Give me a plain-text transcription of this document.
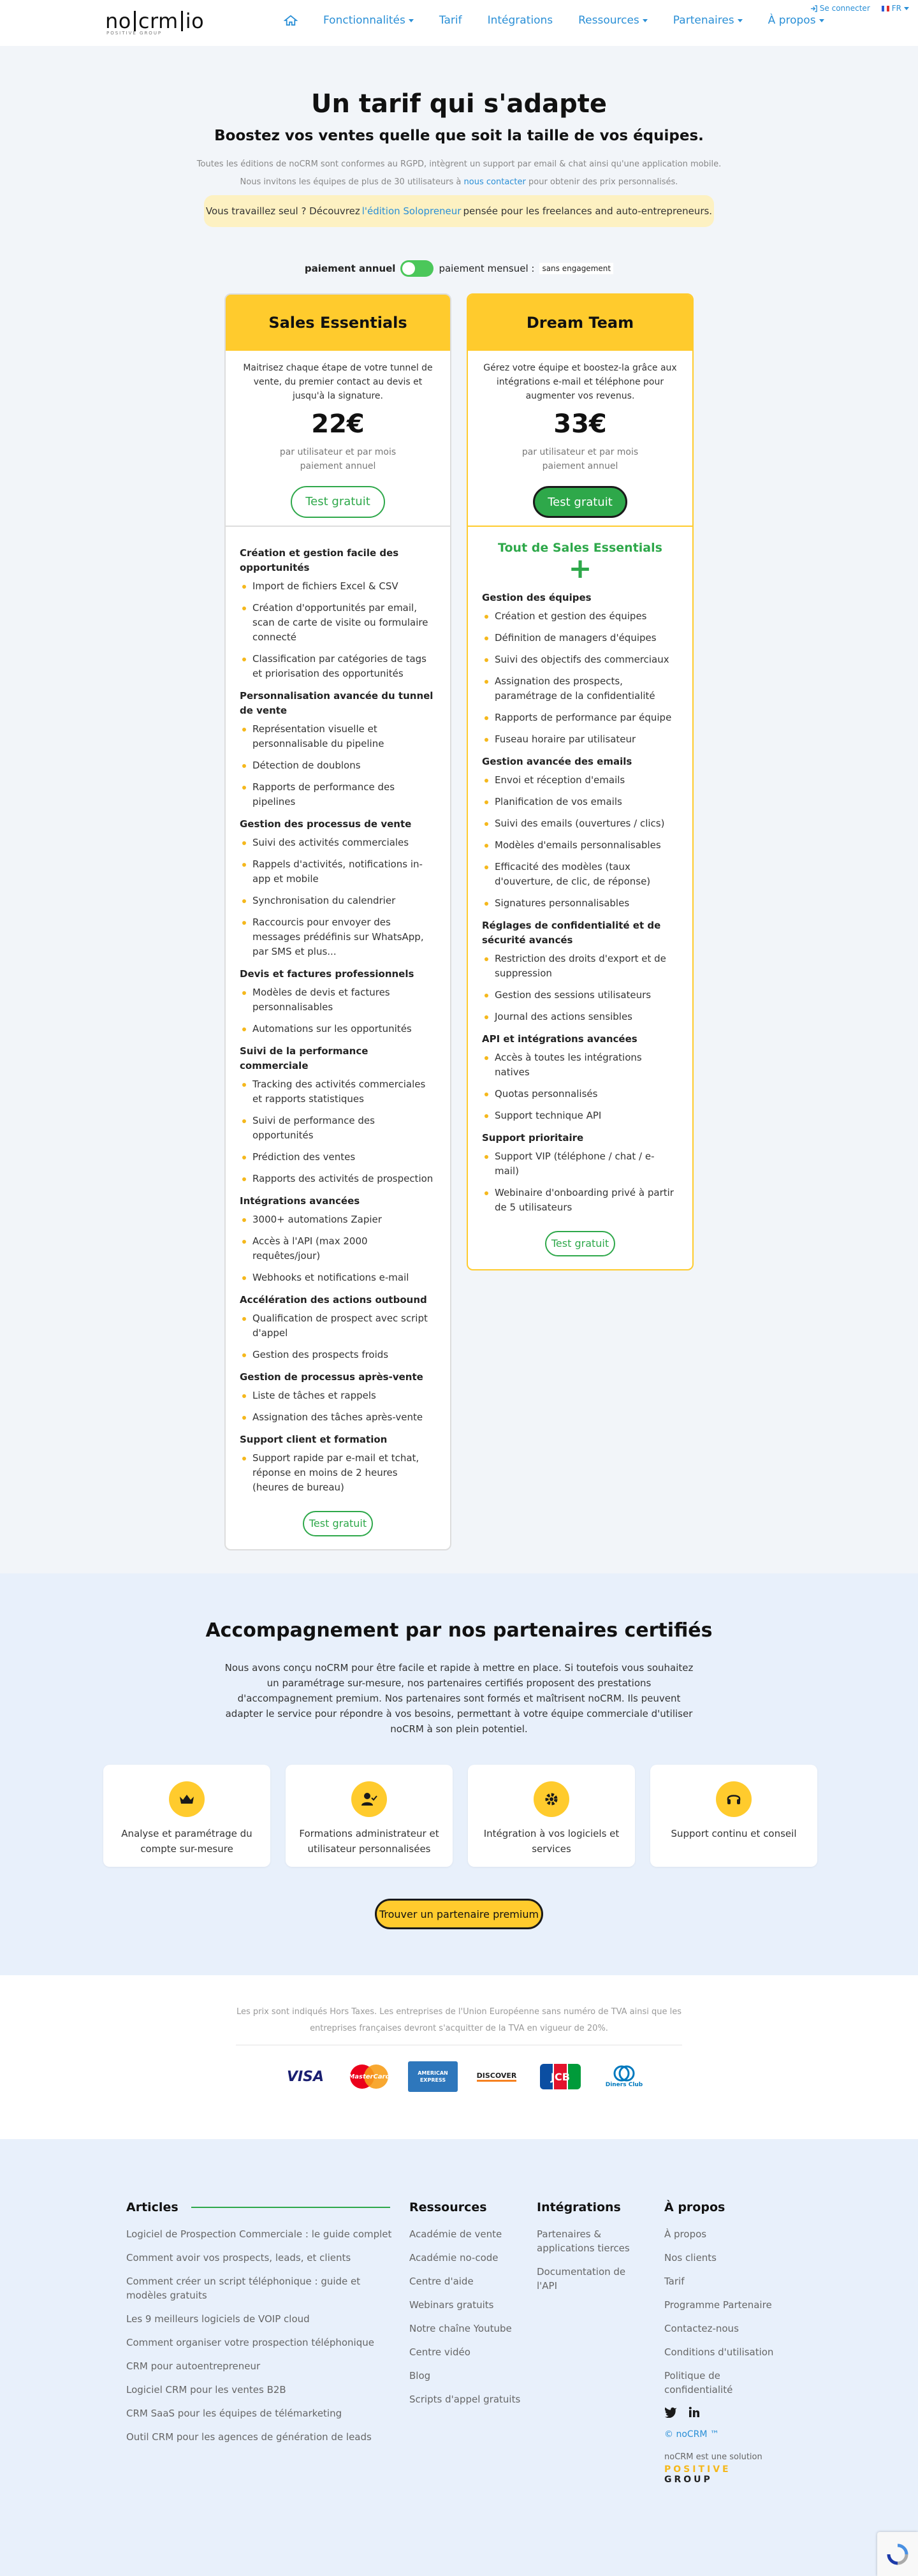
no crm io
POSITIVE GROUP
Fonctionnalités	Tarif Intégrations Ressources	Partenaires	À propos
Se connecter	FR
Un tarif qui s'adapte
Boostez vos ventes quelle que soit la taille de vos équipes.
Toutes les éditions de noCRM sont conformes au RGPD, intègrent un support par email & chat ainsi qu'une application mobile.
Nous invitons les équipes de plus de 30 utilisateurs à nous contacter pour obtenir des prix personnalisés.
Vous travaillez seul ? Découvrez l'édition Solopreneur pensée pour les freelances and auto-entrepreneurs.
paiement annuel	paiement mensuel :	sans engagement
Sales Essentials
Maitrisez chaque étape de votre tunnel de vente, du premier contact au devis et jusqu'à la signature.
22€
par utilisateur et par mois
paiement annuel
Test gratuit
Création et gestion facile des opportunités
Import de fichiers Excel & CSV
Création d'opportunités par email, scan de carte de visite ou formulaire connecté
Classification par catégories de tags et priorisation des opportunités
Personnalisation avancée du tunnel de vente
Représentation visuelle et personnalisable du pipeline
Détection de doublons
Rapports de performance des pipelines
Gestion des processus de vente
Suivi des activités commerciales
Rappels d'activités, notifications in-app et mobile
Synchronisation du calendrier
Raccourcis pour envoyer des messages prédéfinis sur WhatsApp, par SMS et plus...
Devis et factures professionnels
Modèles de devis et factures personnalisables
Automations sur les opportunités
Suivi de la performance commerciale
Tracking des activités commerciales et rapports statistiques
Suivi de performance des opportunités
Prédiction des ventes
Rapports des activités de prospection
Intégrations avancées
3000+ automations Zapier
Accès à l'API (max 2000 requêtes/jour)
Webhooks et notifications e-mail
Accélération des actions outbound
Qualification de prospect avec script d'appel
Gestion des prospects froids
Gestion de processus après-vente
Liste de tâches et rappels
Assignation des tâches après-vente
Support client et formation
Support rapide par e-mail et tchat, réponse en moins de 2 heures (heures de bureau)
Test gratuit
Dream Team
Gérez votre équipe et boostez-la grâce aux intégrations e-mail et téléphone pour augmenter vos revenus.
33€
par utilisateur et par mois
paiement annuel
Test gratuit
Tout de Sales Essentials
+
Gestion des équipes
Création et gestion des équipes
Définition de managers d'équipes
Suivi des objectifs des commerciaux
Assignation des prospects, paramétrage de la confidentialité
Rapports de performance par équipe
Fuseau horaire par utilisateur
Gestion avancée des emails
Envoi et réception d'emails
Planification de vos emails
Suivi des emails (ouvertures / clics)
Modèles d'emails personnalisables
Efficacité des modèles (taux d'ouverture, de clic, de réponse)
Signatures personnalisables
Réglages de confidentialité et de sécurité avancés
Restriction des droits d'export et de suppression
Gestion des sessions utilisateurs
Journal des actions sensibles
API et intégrations avancées
Accès à toutes les intégrations natives
Quotas personnalisés
Support technique API
Support prioritaire
Support VIP (téléphone / chat / e-mail)
Webinaire d'onboarding privé à partir de 5 utilisateurs
Test gratuit
Accompagnement par nos partenaires certifiés
Nous avons conçu noCRM pour être facile et rapide à mettre en place. Si toutefois vous souhaitez un paramétrage sur-mesure, nos partenaires certifiés proposent des prestations d'accompagnement premium. Nos partenaires sont formés et maîtrisent noCRM. Ils peuvent adapter le service pour répondre à vos besoins, permettant à votre équipe commerciale d'utiliser noCRM à son plein potentiel.
Analyse et paramétrage du compte sur-mesure
Formations administrateur et utilisateur personnalisées
Intégration à vos logiciels et services
Support continu et conseil
Trouver un partenaire premium
Les prix sont indiqués Hors Taxes. Les entreprises de l'Union Européenne sans numéro de TVA ainsi que les entreprises françaises devront s'acquitter de la TVA en vigueur de 20%.
VISA	MasterCard	AMERICAN EXPRESS
DISCOVER	JCB
Diners Club
Articles
Logiciel de Prospection Commerciale : le guide complet
Comment avoir vos prospects, leads, et clients
Comment créer un script téléphonique : guide et modèles gratuits
Les 9 meilleurs logiciels de VOIP cloud
Comment organiser votre prospection téléphonique
CRM pour autoentrepreneur
Logiciel CRM pour les ventes B2B
CRM SaaS pour les équipes de télémarketing
Outil CRM pour les agences de génération de leads
Ressources
Académie de vente
Académie no-code
Centre d'aide
Webinars gratuits
Notre chaîne Youtube
Centre vidéo
Blog
Scripts d'appel gratuits
Intégrations
Partenaires & applications tierces
Documentation de l'API
À propos
À propos
Nos clients
Tarif
Programme Partenaire
Contactez-nous
Conditions d'utilisation
Politique de confidentialité
© noCRM ™
noCRM est une solution
POSITIVE GROUP
